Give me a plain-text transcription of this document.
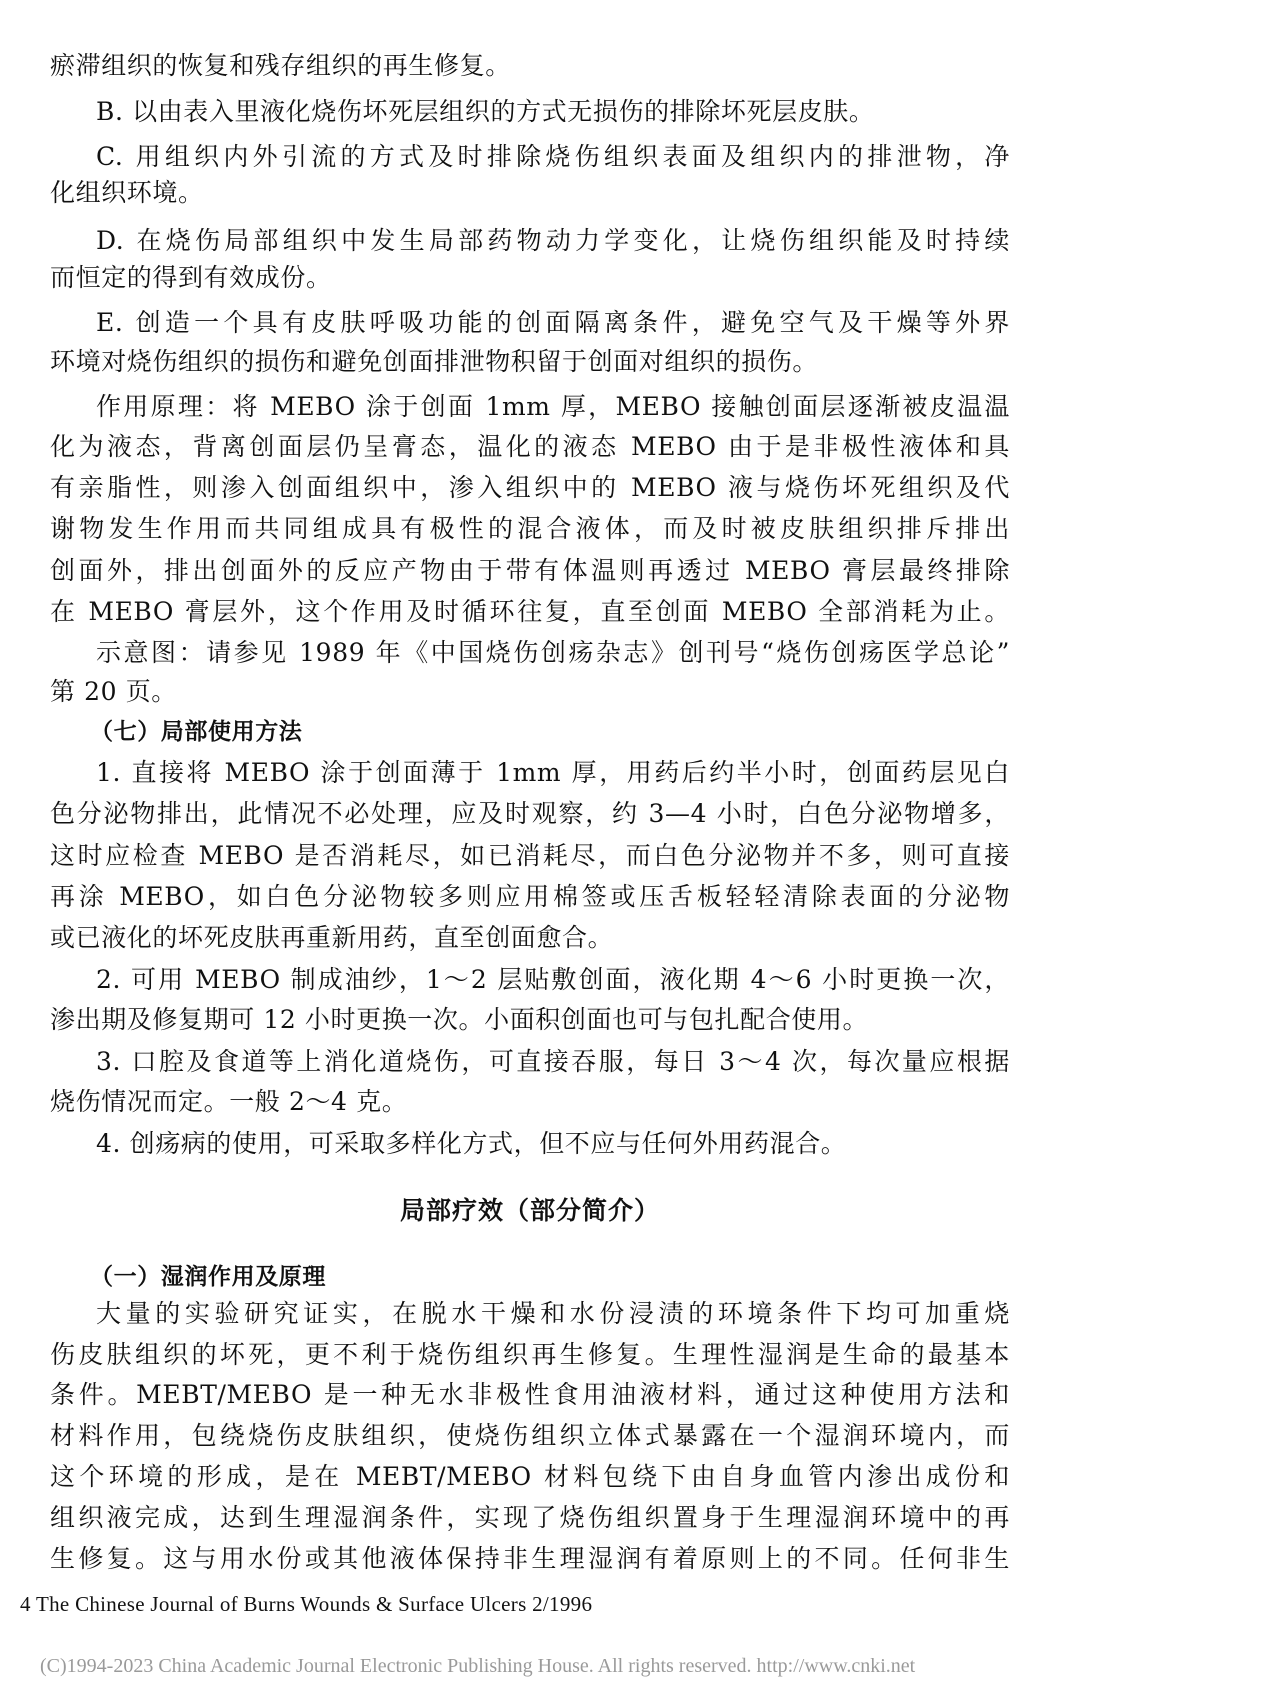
瘀滞组织的恢复和残存组织的再生修复。
B. 以由表入里液化烧伤坏死层组织的方式无损伤的排除坏死层皮肤。
C. 用组织内外引流的方式及时排除烧伤组织表面及组织内的排泄物，净
化组织环境。
D. 在烧伤局部组织中发生局部药物动力学变化，让烧伤组织能及时持续
而恒定的得到有效成份。
E. 创造一个具有皮肤呼吸功能的创面隔离条件，避免空气及干燥等外界
环境对烧伤组织的损伤和避免创面排泄物积留于创面对组织的损伤。
作用原理：将 MEBO 涂于创面 1mm 厚，MEBO 接触创面层逐渐被皮温温
化为液态，背离创面层仍呈膏态，温化的液态 MEBO 由于是非极性液体和具
有亲脂性，则渗入创面组织中，渗入组织中的 MEBO 液与烧伤坏死组织及代
谢物发生作用而共同组成具有极性的混合液体，而及时被皮肤组织排斥排出
创面外，排出创面外的反应产物由于带有体温则再透过 MEBO 膏层最终排除
在 MEBO 膏层外，这个作用及时循环往复，直至创面 MEBO 全部消耗为止。
示意图：请参见 1989 年《中国烧伤创疡杂志》创刊号“烧伤创疡医学总论”
第 20 页。
（七）局部使用方法
1. 直接将 MEBO 涂于创面薄于 1mm 厚，用药后约半小时，创面药层见白
色分泌物排出，此情况不必处理，应及时观察，约 3—4 小时，白色分泌物增多，
这时应检查 MEBO 是否消耗尽，如已消耗尽，而白色分泌物并不多，则可直接
再涂 MEBO，如白色分泌物较多则应用棉签或压舌板轻轻清除表面的分泌物
或已液化的坏死皮肤再重新用药，直至创面愈合。
2. 可用 MEBO 制成油纱，1～2 层贴敷创面，液化期 4～6 小时更换一次，
渗出期及修复期可 12 小时更换一次。小面积创面也可与包扎配合使用。
3. 口腔及食道等上消化道烧伤，可直接吞服，每日 3～4 次，每次量应根据
烧伤情况而定。一般 2～4 克。
4. 创疡病的使用，可采取多样化方式，但不应与任何外用药混合。
局部疗效（部分简介）
（一）湿润作用及原理
大量的实验研究证实，在脱水干燥和水份浸渍的环境条件下均可加重烧
伤皮肤组织的坏死，更不利于烧伤组织再生修复。生理性湿润是生命的最基本
条件。MEBT/MEBO 是一种无水非极性食用油液材料，通过这种使用方法和
材料作用，包绕烧伤皮肤组织，使烧伤组织立体式暴露在一个湿润环境内，而
这个环境的形成，是在 MEBT/MEBO 材料包绕下由自身血管内渗出成份和
组织液完成，达到生理湿润条件，实现了烧伤组织置身于生理湿润环境中的再
生修复。这与用水份或其他液体保持非生理湿润有着原则上的不同。任何非生
4 The Chinese Journal of Burns Wounds & Surface Ulcers 2/1996
(C)1994-2023 China Academic Journal Electronic Publishing House. All rights reserved. http://www.cnki.net
